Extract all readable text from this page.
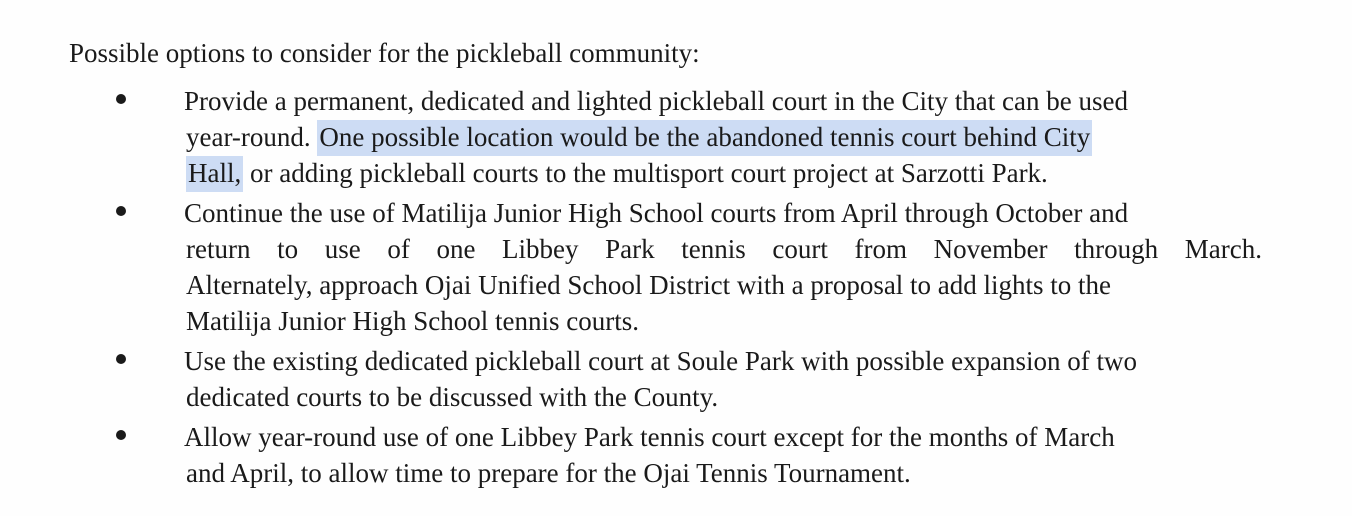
Possible options to consider for the pickleball community:
Provide a permanent, dedicated and lighted pickleball court in the City that can be used
year-round. One possible location would be the abandoned tennis court behind City
Hall, or adding pickleball courts to the multisport court project at Sarzotti Park.
Continue the use of Matilija Junior High School courts from April through October and
return to use of one Libbey Park tennis court from November through March.
Alternately, approach Ojai Unified School District with a proposal to add lights to the
Matilija Junior High School tennis courts.
Use the existing dedicated pickleball court at Soule Park with possible expansion of two
dedicated courts to be discussed with the County.
Allow year-round use of one Libbey Park tennis court except for the months of March
and April, to allow time to prepare for the Ojai Tennis Tournament.
